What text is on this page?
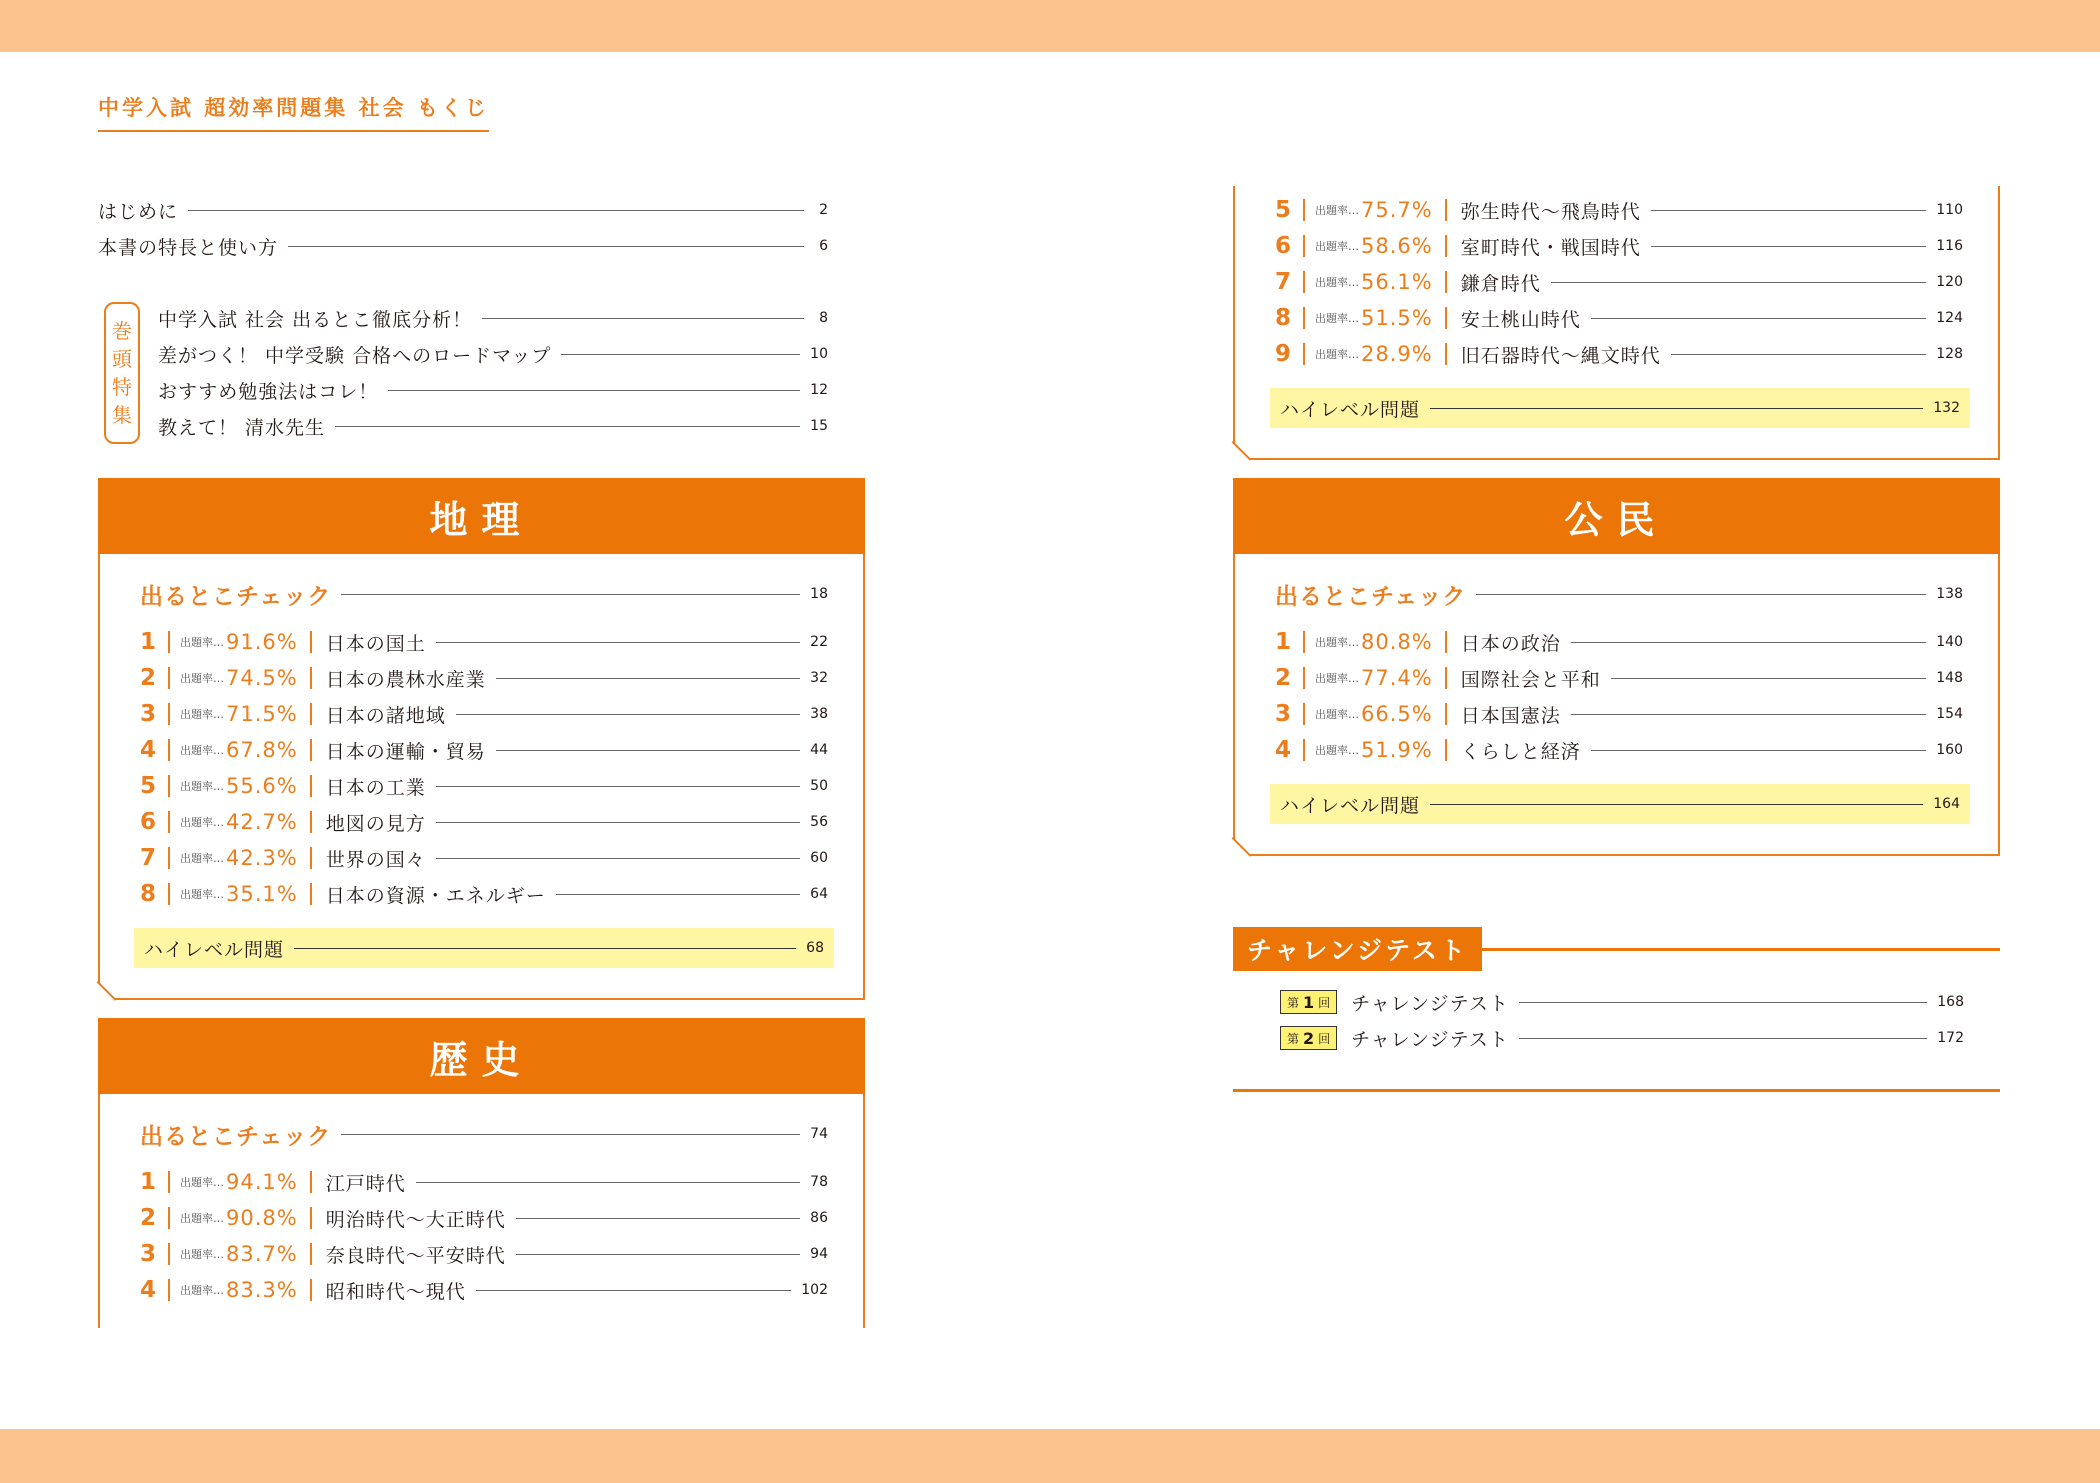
中学入試 超効率問題集 社会 もくじ
はじめに	2
本書の特長と使い方	6
巻
頭
特
集
中学入試 社会 出るとこ徹底分析！	8
差がつく！ 中学受験 合格へのロードマップ	10
おすすめ勉強法はコレ！	12
教えて！ 清水先生	15
地理
出るとこチェック	18
1	出題率… 91.6% 日本の国土	22
2	出題率… 74.5% 日本の農林水産業	32
3	出題率… 71.5% 日本の諸地域	38
4	出題率… 67.8% 日本の運輸・貿易	44
5	出題率… 55.6% 日本の工業	50
6	出題率… 42.7% 地図の見方	56
7	出題率… 42.3% 世界の国々	60
8	出題率… 35.1% 日本の資源・エネルギー	64
ハイレベル問題	68
歴史
出るとこチェック	74
1	出題率… 94.1% 江戸時代	78
2	出題率… 90.8% 明治時代～大正時代	86
3	出題率… 83.7% 奈良時代～平安時代	94
4	出題率… 83.3% 昭和時代～現代	102
5	出題率… 75.7% 弥生時代～飛鳥時代	110
6	出題率… 58.6% 室町時代・戦国時代	116
7	出題率… 56.1% 鎌倉時代	120
8	出題率… 51.5% 安土桃山時代	124
9	出題率… 28.9% 旧石器時代～縄文時代	128
ハイレベル問題	132
公民
出るとこチェック	138
1	出題率… 80.8% 日本の政治	140
2	出題率… 77.4% 国際社会と平和	148
3	出題率… 66.5% 日本国憲法	154
4	出題率… 51.9% くらしと経済	160
ハイレベル問題	164
チャレンジテスト
第 1 回 チャレンジテスト	168
第 2 回 チャレンジテスト	172
